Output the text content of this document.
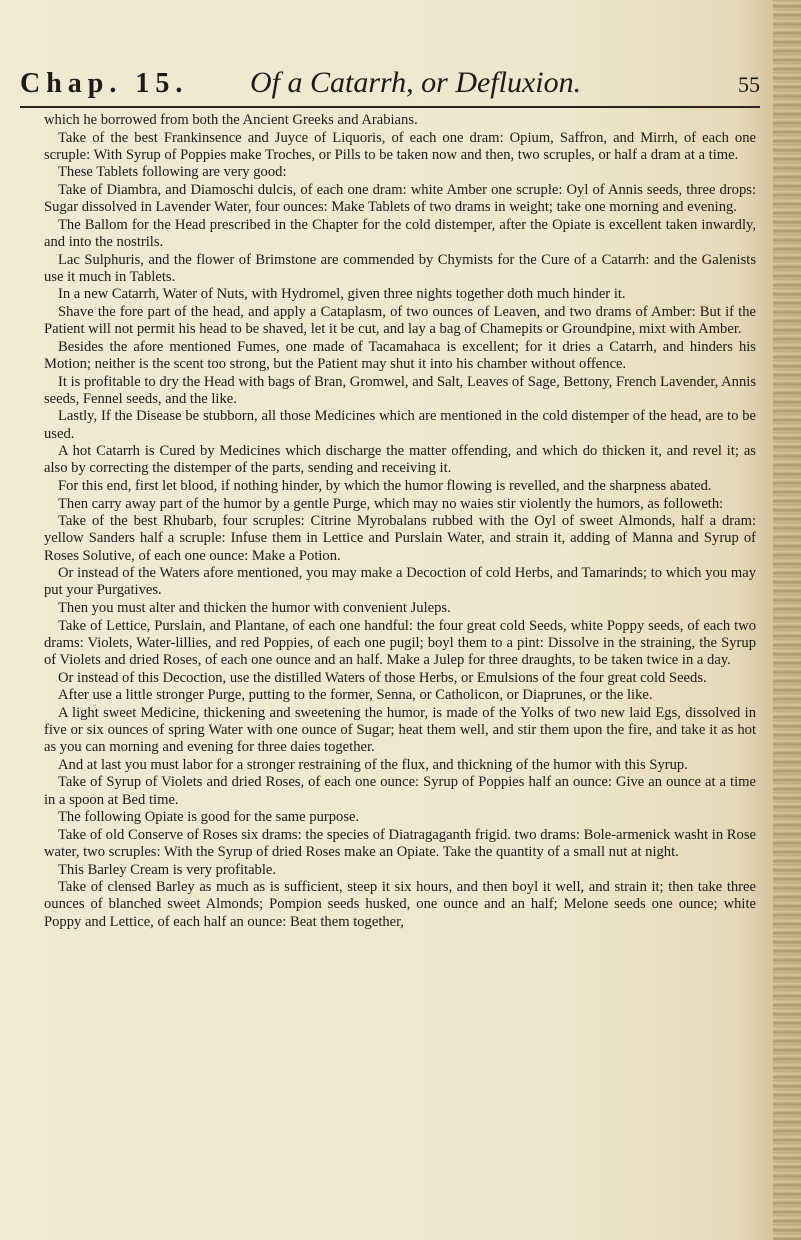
Chap. 15. Of a Catarrh, or Defluxion.	55

which he borrowed from both the Ancient Greeks and Arabians.

Take of the best Frankinsence and Juyce of Liquoris, of each one dram: Opium, Saffron, and Mirrh, of each one scruple: With Syrup of Poppies make Troches, or Pills to be taken now and then, two scruples, or half a dram at a time.

These Tablets following are very good:

Take of Diambra, and Diamoschi dulcis, of each one dram: white Amber one scruple: Oyl of Annis seeds, three drops: Sugar dissolved in Lavender Water, four ounces: Make Tablets of two drams in weight; take one morning and evening.

The Ballom for the Head prescribed in the Chapter for the cold distemper, after the Opiate is excellent taken inwardly, and into the nostrils.

Lac Sulphuris, and the flower of Brimstone are commended by Chymists for the Cure of a Catarrh: and the Galenists use it much in Tablets.

In a new Catarrh, Water of Nuts, with Hydromel, given three nights together doth much hinder it.

Shave the fore part of the head, and apply a Cataplasm, of two ounces of Leaven, and two drams of Amber: But if the Patient will not permit his head to be shaved, let it be cut, and lay a bag of Chamepits or Groundpine, mixt with Amber.

Besides the afore mentioned Fumes, one made of Tacamahaca is excellent; for it dries a Catarrh, and hinders his Motion; neither is the scent too strong, but the Patient may shut it into his chamber without offence.

It is profitable to dry the Head with bags of Bran, Gromwel, and Salt, Leaves of Sage, Bettony, French Lavender, Annis seeds, Fennel seeds, and the like.

Lastly, If the Disease be stubborn, all those Medicines which are mentioned in the cold distemper of the head, are to be used.

A hot Catarrh is Cured by Medicines which discharge the matter offending, and which do thicken it, and revel it; as also by correcting the distemper of the parts, sending and receiving it.

For this end, first let blood, if nothing hinder, by which the humor flowing is revelled, and the sharpness abated.

Then carry away part of the humor by a gentle Purge, which may no waies stir violently the humors, as followeth:

Take of the best Rhubarb, four scruples: Citrine Myrobalans rubbed with the Oyl of sweet Almonds, half a dram: yellow Sanders half a scruple: Infuse them in Lettice and Purslain Water, and strain it, adding of Manna and Syrup of Roses Solutive, of each one ounce: Make a Potion.

Or instead of the Waters afore mentioned, you may make a Decoction of cold Herbs, and Tamarinds; to which you may put your Purgatives.

Then you must alter and thicken the humor with convenient Juleps.

Take of Lettice, Purslain, and Plantane, of each one handful: the four great cold Seeds, white Poppy seeds, of each two drams: Violets, Water-lillies, and red Poppies, of each one pugil; boyl them to a pint: Dissolve in the straining, the Syrup of Violets and dried Roses, of each one ounce and an half. Make a Julep for three draughts, to be taken twice in a day.

Or instead of this Decoction, use the distilled Waters of those Herbs, or Emulsions of the four great cold Seeds.

After use a little stronger Purge, putting to the former, Senna, or Catholicon, or Diaprunes, or the like.

A light sweet Medicine, thickening and sweetening the humor, is made of the Yolks of two new laid Egs, dissolved in five or six ounces of spring Water with one ounce of Sugar; heat them well, and stir them upon the fire, and take it as hot as you can morning and evening for three daies together.

And at last you must labor for a stronger restraining of the flux, and thickning of the humor with this Syrup.

Take of Syrup of Violets and dried Roses, of each one ounce: Syrup of Poppies half an ounce: Give an ounce at a time in a spoon at Bed time.

The following Opiate is good for the same purpose.

Take of old Conserve of Roses six drams: the species of Diatragaganth frigid. two drams: Bole-armenick washt in Rose water, two scruples: With the Syrup of dried Roses make an Opiate. Take the quantity of a small nut at night.

This Barley Cream is very profitable.

Take of clensed Barley as much as is sufficient, steep it six hours, and then boyl it well, and strain it; then take three ounces of blanched sweet Almonds; Pompion seeds husked, one ounce and an half; Melone seeds one ounce; white Poppy and Lettice, of each half an ounce: Beat them together,
